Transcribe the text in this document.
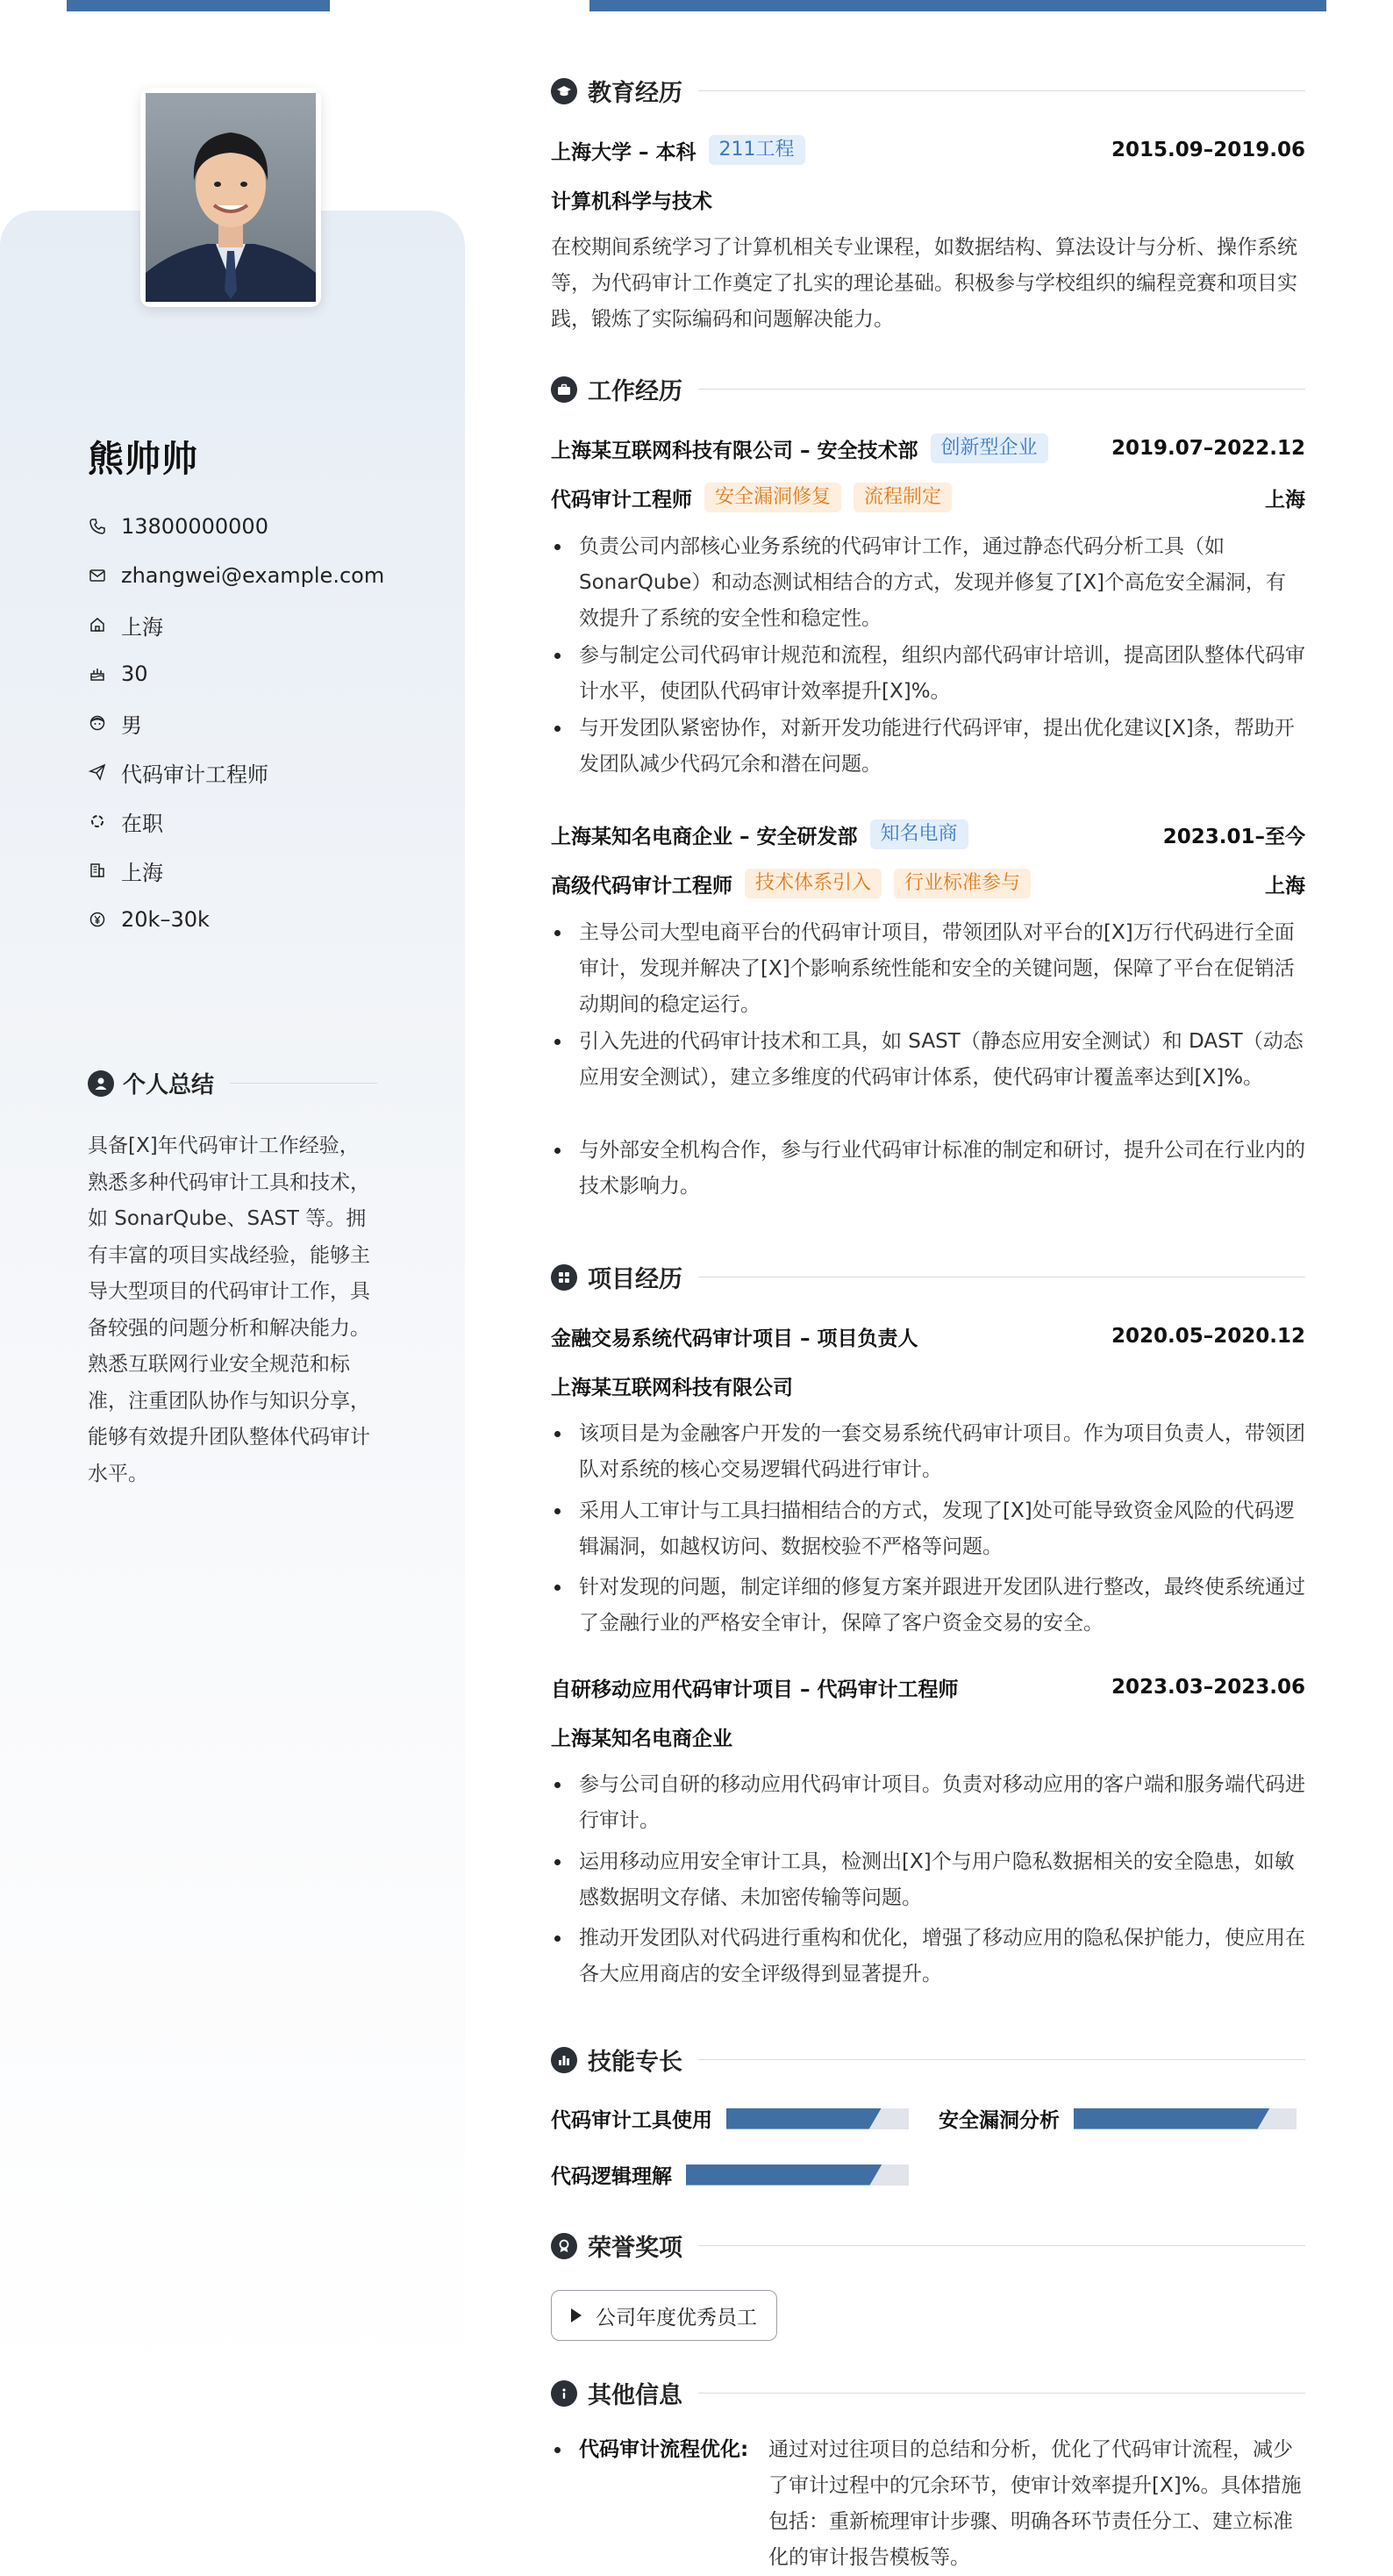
熊帅帅
13800000000
zhangwei@example.com
上海
30
男
代码审计工程师
在职
上海
20k–30k
个人总结
具备[X]年代码审计工作经验，熟悉多种代码审计工具和技术，如 SonarQube、SAST 等。拥有丰富的项目实战经验，能够主导大型项目的代码审计工作，具备较强的问题分析和解决能力。熟悉互联网行业安全规范和标准，注重团队协作与知识分享，能够有效提升团队整体代码审计水平。
教育经历
上海大学 – 本科	211工程	2015.09–2019.06
计算机科学与技术
在校期间系统学习了计算机相关专业课程，如数据结构、算法设计与分析、操作系统等，为代码审计工作奠定了扎实的理论基础。积极参与学校组织的编程竞赛和项目实践，锻炼了实际编码和问题解决能力。
工作经历
上海某互联网科技有限公司 – 安全技术部	创新型企业	2019.07–2022.12
代码审计工程师	安全漏洞修复	流程制定	上海
负责公司内部核心业务系统的代码审计工作，通过静态代码分析工具（如 SonarQube）和动态测试相结合的方式，发现并修复了[X]个高危安全漏洞，有效提升了系统的安全性和稳定性。
参与制定公司代码审计规范和流程，组织内部代码审计培训，提高团队整体代码审计水平，使团队代码审计效率提升[X]%。
与开发团队紧密协作，对新开发功能进行代码评审，提出优化建议[X]条，帮助开发团队减少代码冗余和潜在问题。
上海某知名电商企业 – 安全研发部	知名电商	2023.01–至今
高级代码审计工程师	技术体系引入	行业标准参与	上海
主导公司大型电商平台的代码审计项目，带领团队对平台的[X]万行代码进行全面审计，发现并解决了[X]个影响系统性能和安全的关键问题，保障了平台在促销活动期间的稳定运行。
引入先进的代码审计技术和工具，如 SAST（静态应用安全测试）和 DAST（动态应用安全测试），建立多维度的代码审计体系，使代码审计覆盖率达到[X]%。
与外部安全机构合作，参与行业代码审计标准的制定和研讨，提升公司在行业内的技术影响力。
项目经历
金融交易系统代码审计项目 – 项目负责人	2020.05–2020.12
上海某互联网科技有限公司
该项目是为金融客户开发的一套交易系统代码审计项目。作为项目负责人，带领团队对系统的核心交易逻辑代码进行审计。
采用人工审计与工具扫描相结合的方式，发现了[X]处可能导致资金风险的代码逻辑漏洞，如越权访问、数据校验不严格等问题。
针对发现的问题，制定详细的修复方案并跟进开发团队进行整改，最终使系统通过了金融行业的严格安全审计，保障了客户资金交易的安全。
自研移动应用代码审计项目 – 代码审计工程师	2023.03–2023.06
上海某知名电商企业
参与公司自研的移动应用代码审计项目。负责对移动应用的客户端和服务端代码进行审计。
运用移动应用安全审计工具，检测出[X]个与用户隐私数据相关的安全隐患，如敏感数据明文存储、未加密传输等问题。
推动开发团队对代码进行重构和优化，增强了移动应用的隐私保护能力，使应用在各大应用商店的安全评级得到显著提升。
技能专长
代码审计工具使用	安全漏洞分析
代码逻辑理解
荣誉奖项
公司年度优秀员工
其他信息
代码审计流程优化: 通过对过往项目的总结和分析，优化了代码审计流程，减少了审计过程中的冗余环节，使审计效率提升[X]%。具体措施包括：重新梳理审计步骤、明确各环节责任分工、建立标准化的审计报告模板等。
